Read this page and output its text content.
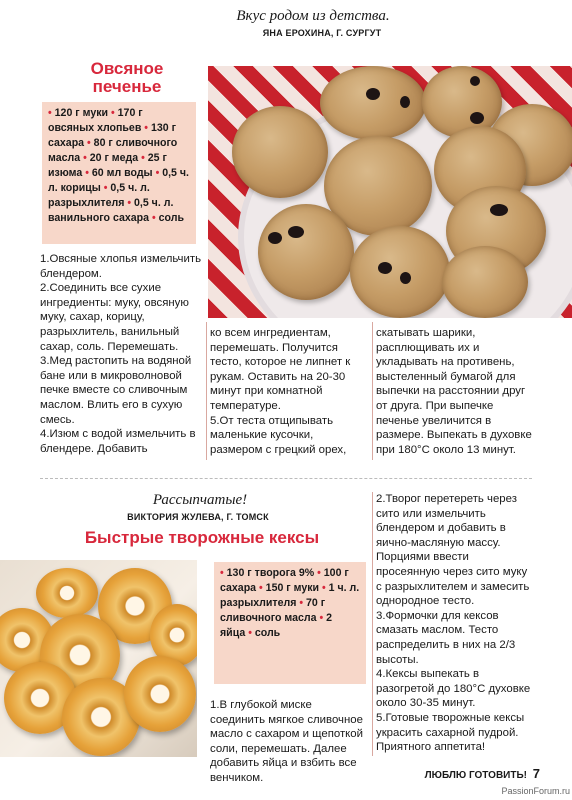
Вкус родом из детства.
ЯНА ЕРОХИНА, Г. СУРГУТ
Овсяное
печенье
• 120 г муки • 170 г овсяных хлопьев • 130 г сахара • 80 г сливочного масла • 20 г меда • 25 г изюма • 60 мл воды • 0,5 ч. л. корицы • 0,5 ч. л. разрыхлителя • 0,5 ч. л. ванильного сахара • соль

1.Овсяные хлопья измельчить блендером.

2.Соединить все сухие ингредиенты: муку, овсяную муку, сахар, корицу, разрыхлитель, ванильный сахар, соль. Перемешать.

3.Мед растопить на водяной бане или в микроволновой печке вместе со сливочным маслом. Влить его в сухую смесь.

4.Изюм с водой измельчить в блендере. Добавить

ко всем ингредиентам, перемешать. Получится тесто, которое не липнет к рукам. Оставить на 20-30 минут при комнатной температуре.

5.От теста отщипывать маленькие кусочки, размером с грецкий орех,

скатывать шарики, расплющивать их и укладывать на противень, выстеленный бумагой для выпечки на расстоянии друг от друга. При выпечке печенье увеличится в размере. Выпекать в духовке при 180°С около 13 минут.

Рассыпчатые!
ВИКТОРИЯ ЖУЛЕВА, Г. ТОМСК
Быстрые творожные кексы
• 130 г творога 9% • 100 г сахара • 150 г муки • 1 ч. л. разрыхлителя • 70 г сливочного масла • 2 яйца • соль

1.В глубокой миске соединить мягкое сливочное масло с сахаром и щепоткой соли, перемешать. Далее добавить яйца и взбить все венчиком.

2.Творог перетереть через сито или измельчить блендером и добавить в яично-масляную массу. Порциями ввести просеянную через сито муку с разрыхлителем и замесить однородное тесто.

3.Формочки для кексов смазать маслом. Тесто распределить в них на 2/3 высоты.

4.Кексы выпекать в разогретой до 180°С духовке около 30-35 минут.

5.Готовые творожные кексы украсить сахарной пудрой. Приятного аппетита!

ЛЮБЛЮ ГОТОВИТЬ! 7
PassionForum.ru
